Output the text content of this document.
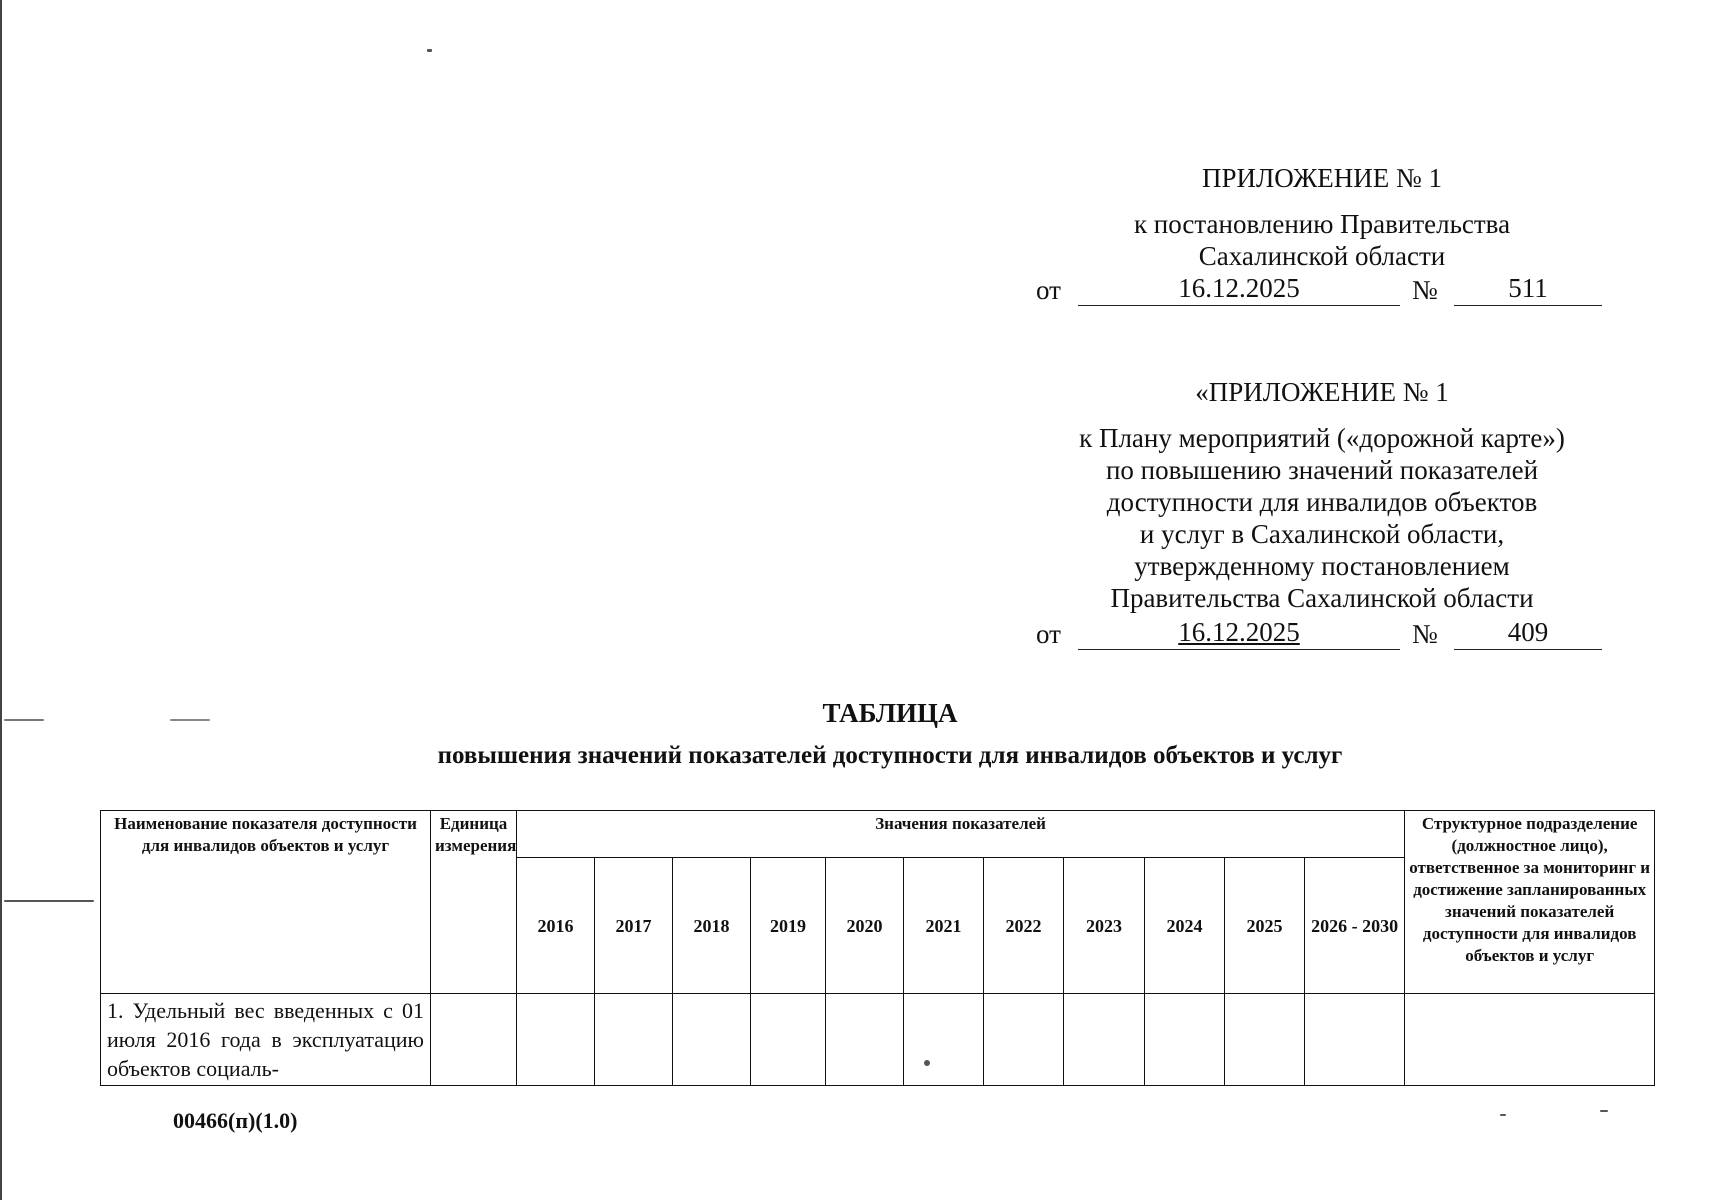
ПРИЛОЖЕНИЕ № 1
к постановлению Правительства
Сахалинской области
от	16.12.2025	№	511
«ПРИЛОЖЕНИЕ № 1
к Плану мероприятий («дорожной карте»)
по повышению значений показателей
доступности для инвалидов объектов
и услуг в Сахалинской области,
утвержденному постановлением
Правительства Сахалинской области
от	16.12.2025	№	409
ТАБЛИЦА
повышения значений показателей доступности для инвалидов объектов и услуг
Наименование показателя доступности для инвалидов объектов и услуг	Единица измерения	Значения показателей											Структурное подразделение (должностное лицо), ответственное за мониторинг и достижение запланированных значений показателей доступности для инвалидов объектов и услуг
		2016	2017	2018	2019	2020	2021	2022	2023	2024	2025	2026 - 2030	
1. Удельный вес введенных с 01 июля 2016 года в эксплуатацию объектов социаль-													
00466(п)(1.0)
